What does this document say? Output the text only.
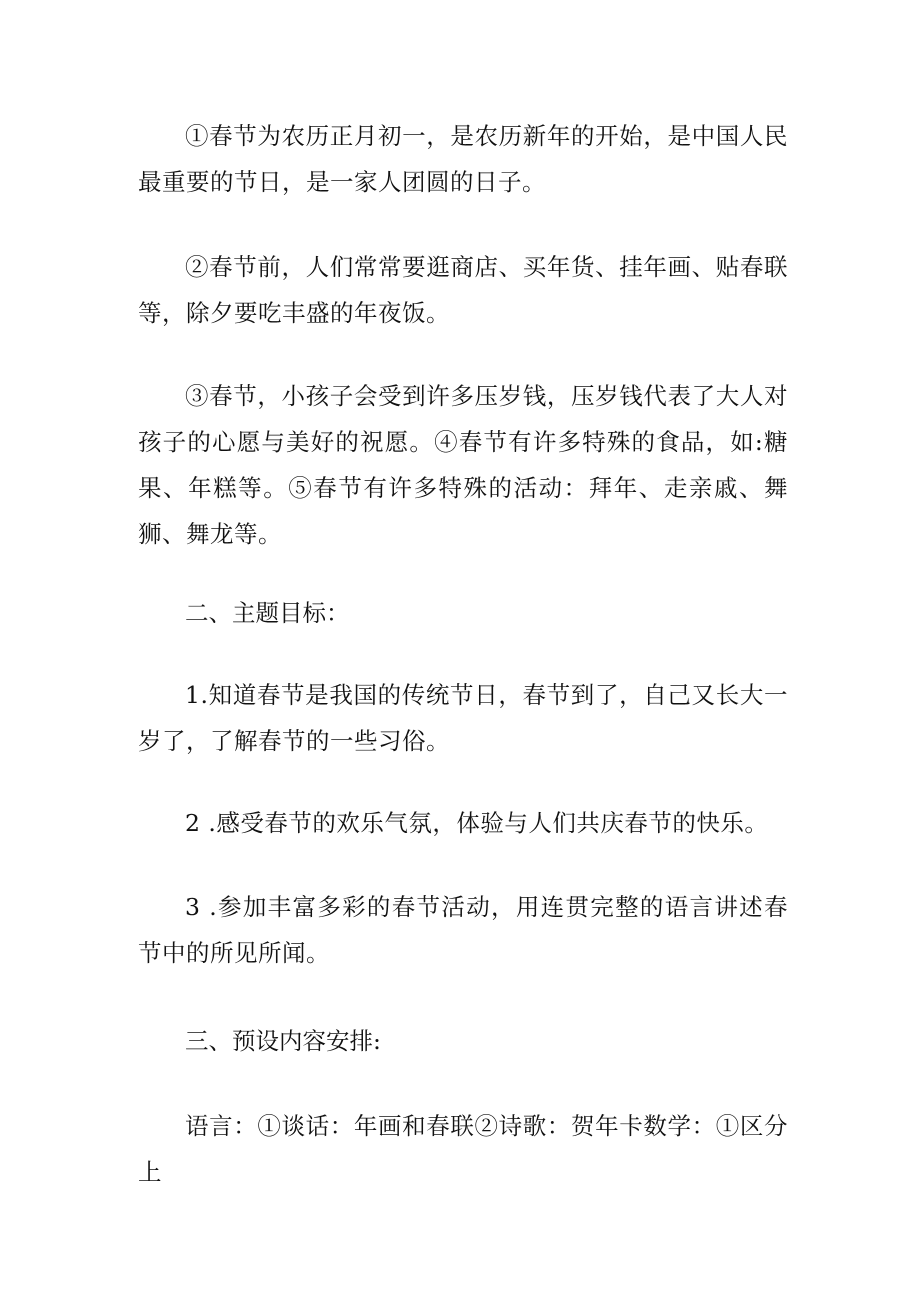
①春节为农历正月初一，是农历新年的开始，是中国人民最重要的节日，是一家人团圆的日子。

②春节前，人们常常要逛商店、买年货、挂年画、贴春联等，除夕要吃丰盛的年夜饭。

③春节，小孩子会受到许多压岁钱，压岁钱代表了大人对孩子的心愿与美好的祝愿。④春节有许多特殊的食品，如:糖果、年糕等。⑤春节有许多特殊的活动：拜年、走亲戚、舞狮、舞龙等。

二、主题目标：

1.知道春节是我国的传统节日，春节到了，自己又长大一岁了，了解春节的一些习俗。

2 .感受春节的欢乐气氛，体验与人们共庆春节的快乐。

3 .参加丰富多彩的春节活动，用连贯完整的语言讲述春节中的所见所闻。

三、预设内容安排:

语言：①谈话：年画和春联②诗歌：贺年卡数学：①区分上
